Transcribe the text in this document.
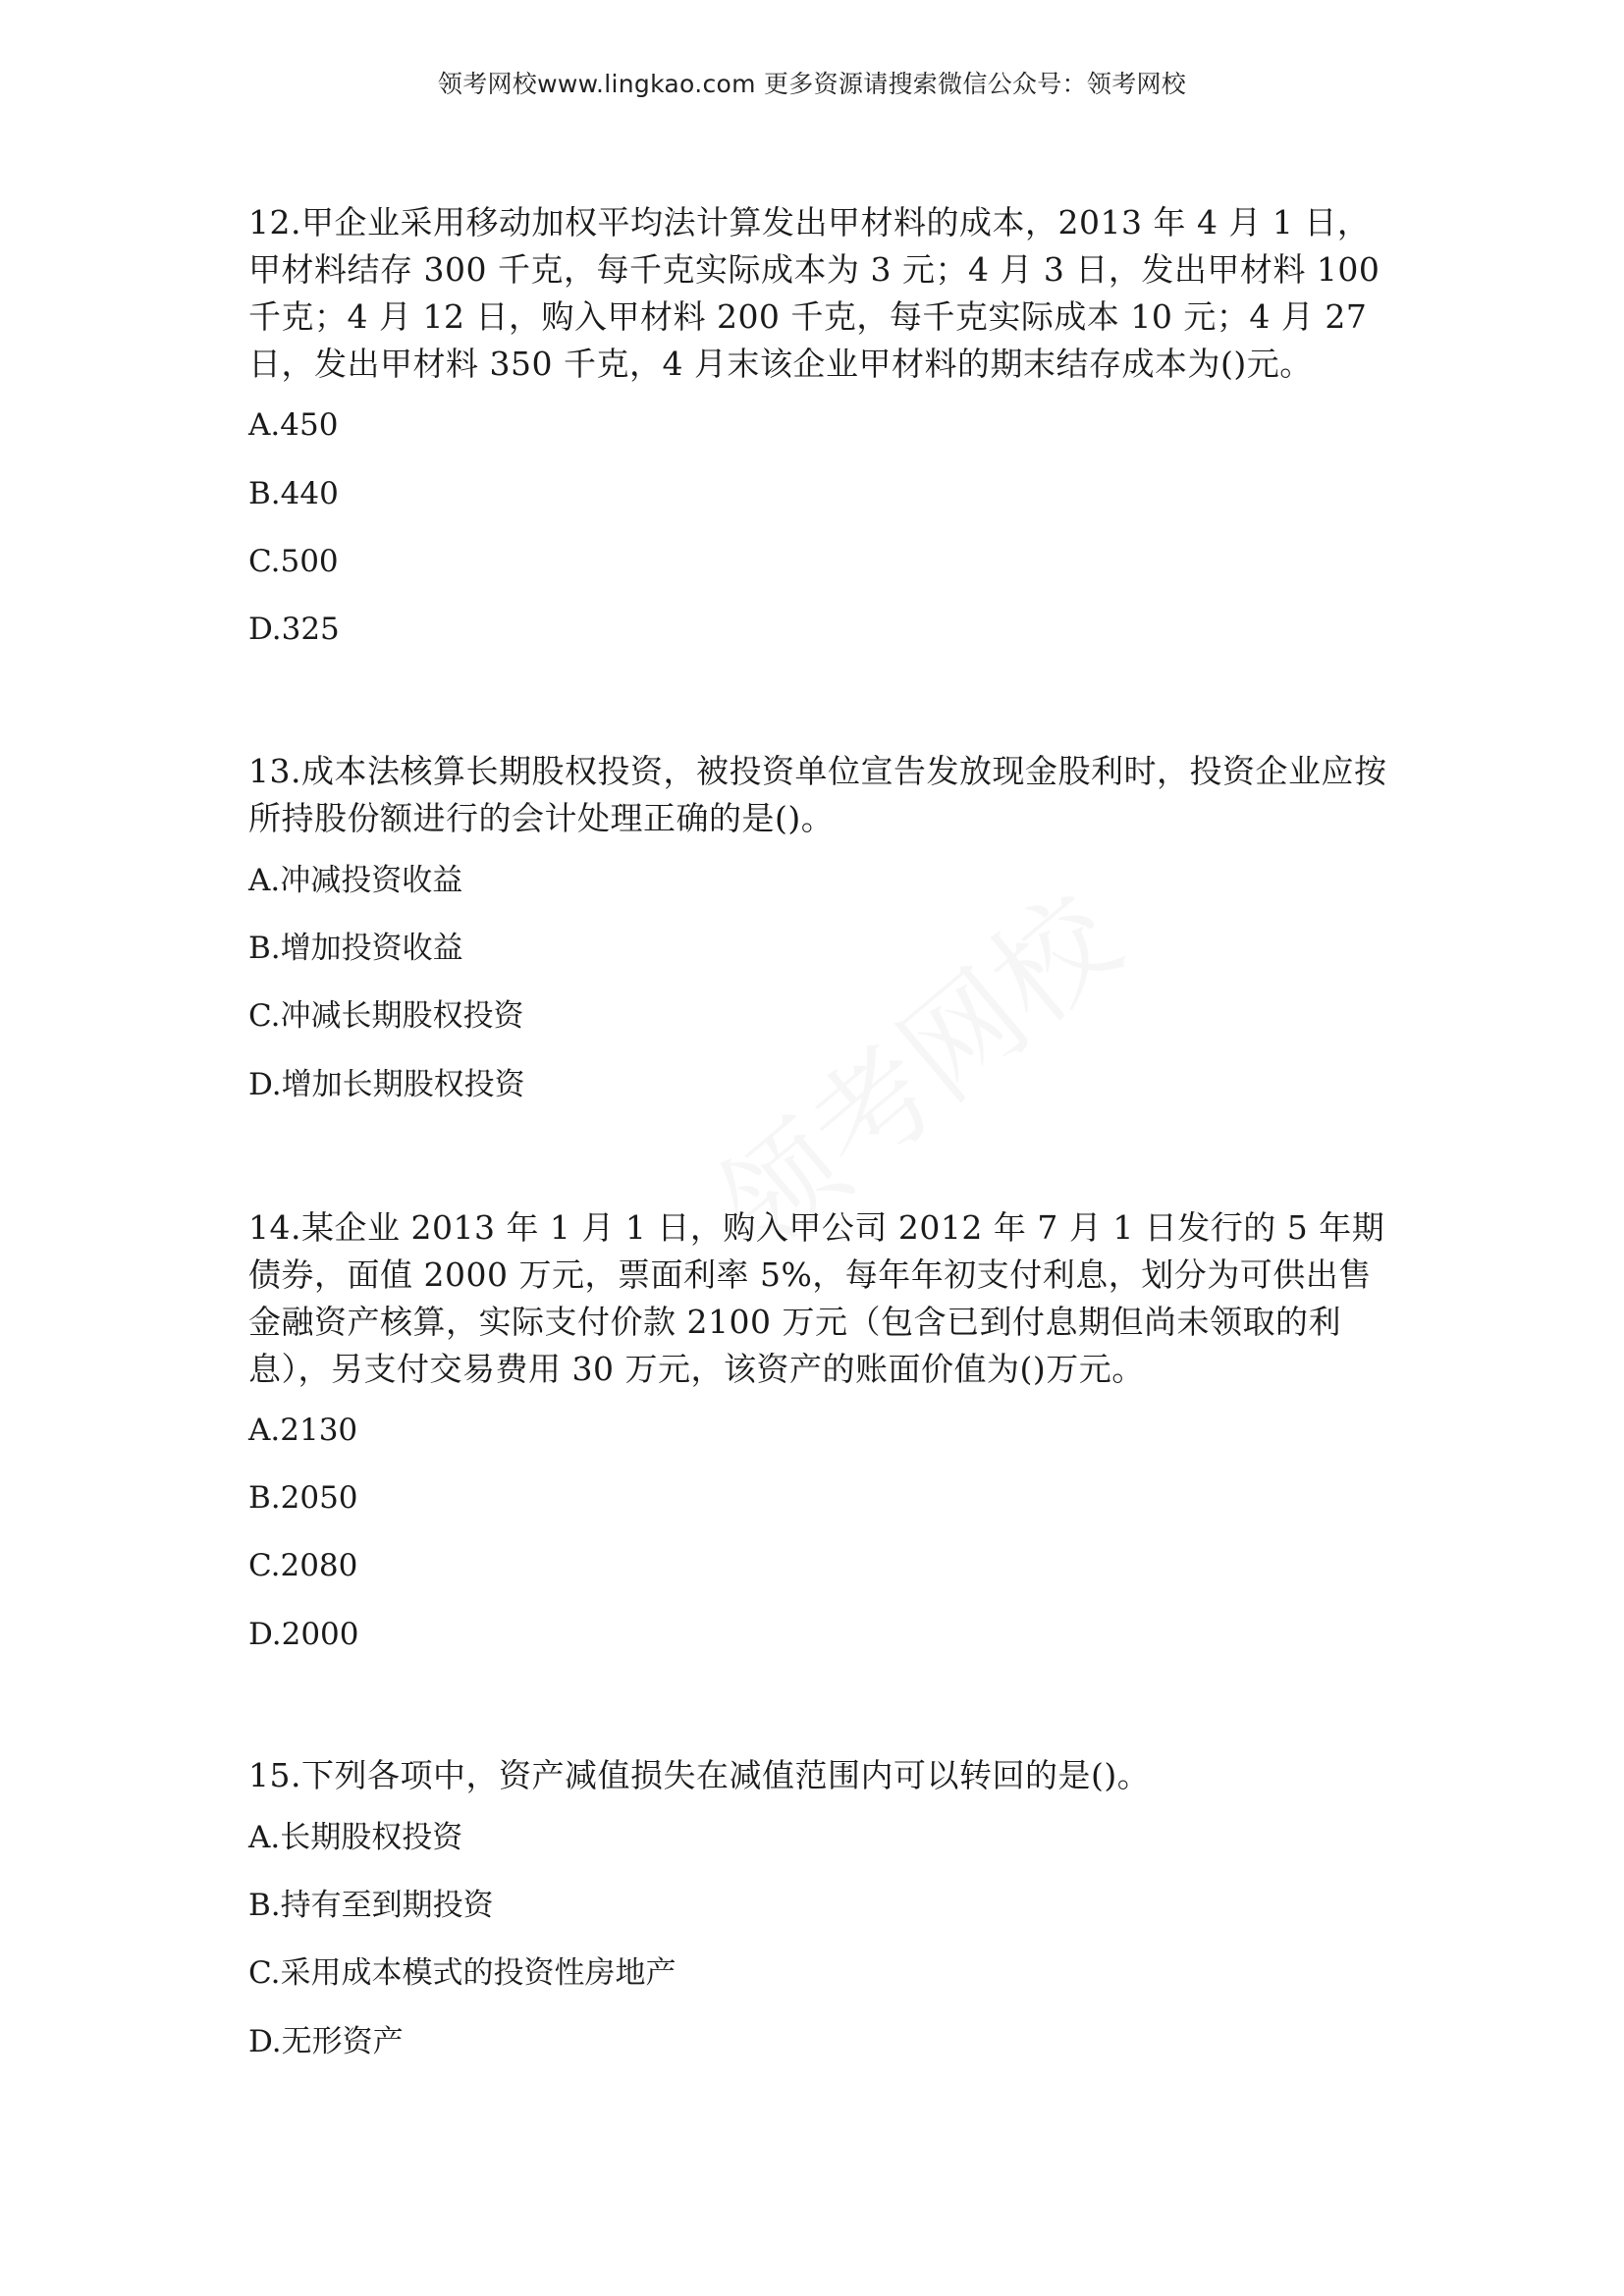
领考网校www.lingkao.com 更多资源请搜索微信公众号：领考网校

12.甲企业采用移动加权平均法计算发出甲材料的成本，2013 年 4 月 1 日，甲材料结存 300 千克，每千克实际成本为 3 元；4 月 3 日，发出甲材料 100 千克；4 月 12 日，购入甲材料 200 千克，每千克实际成本 10 元；4 月 27 日，发出甲材料 350 千克，4 月末该企业甲材料的期末结存成本为()元。

A.450

B.440

C.500

D.325

13.成本法核算长期股权投资，被投资单位宣告发放现金股利时，投资企业应按所持股份额进行的会计处理正确的是()。

A.冲减投资收益

B.增加投资收益

C.冲减长期股权投资

D.增加长期股权投资

14.某企业 2013 年 1 月 1 日，购入甲公司 2012 年 7 月 1 日发行的 5 年期债券，面值 2000 万元，票面利率 5%，每年年初支付利息，划分为可供出售金融资产核算，实际支付价款 2100 万元（包含已到付息期但尚未领取的利息），另支付交易费用 30 万元，该资产的账面价值为()万元。

A.2130

B.2050

C.2080

D.2000

15.下列各项中，资产减值损失在减值范围内可以转回的是()。

A.长期股权投资

B.持有至到期投资

C.采用成本模式的投资性房地产

D.无形资产
